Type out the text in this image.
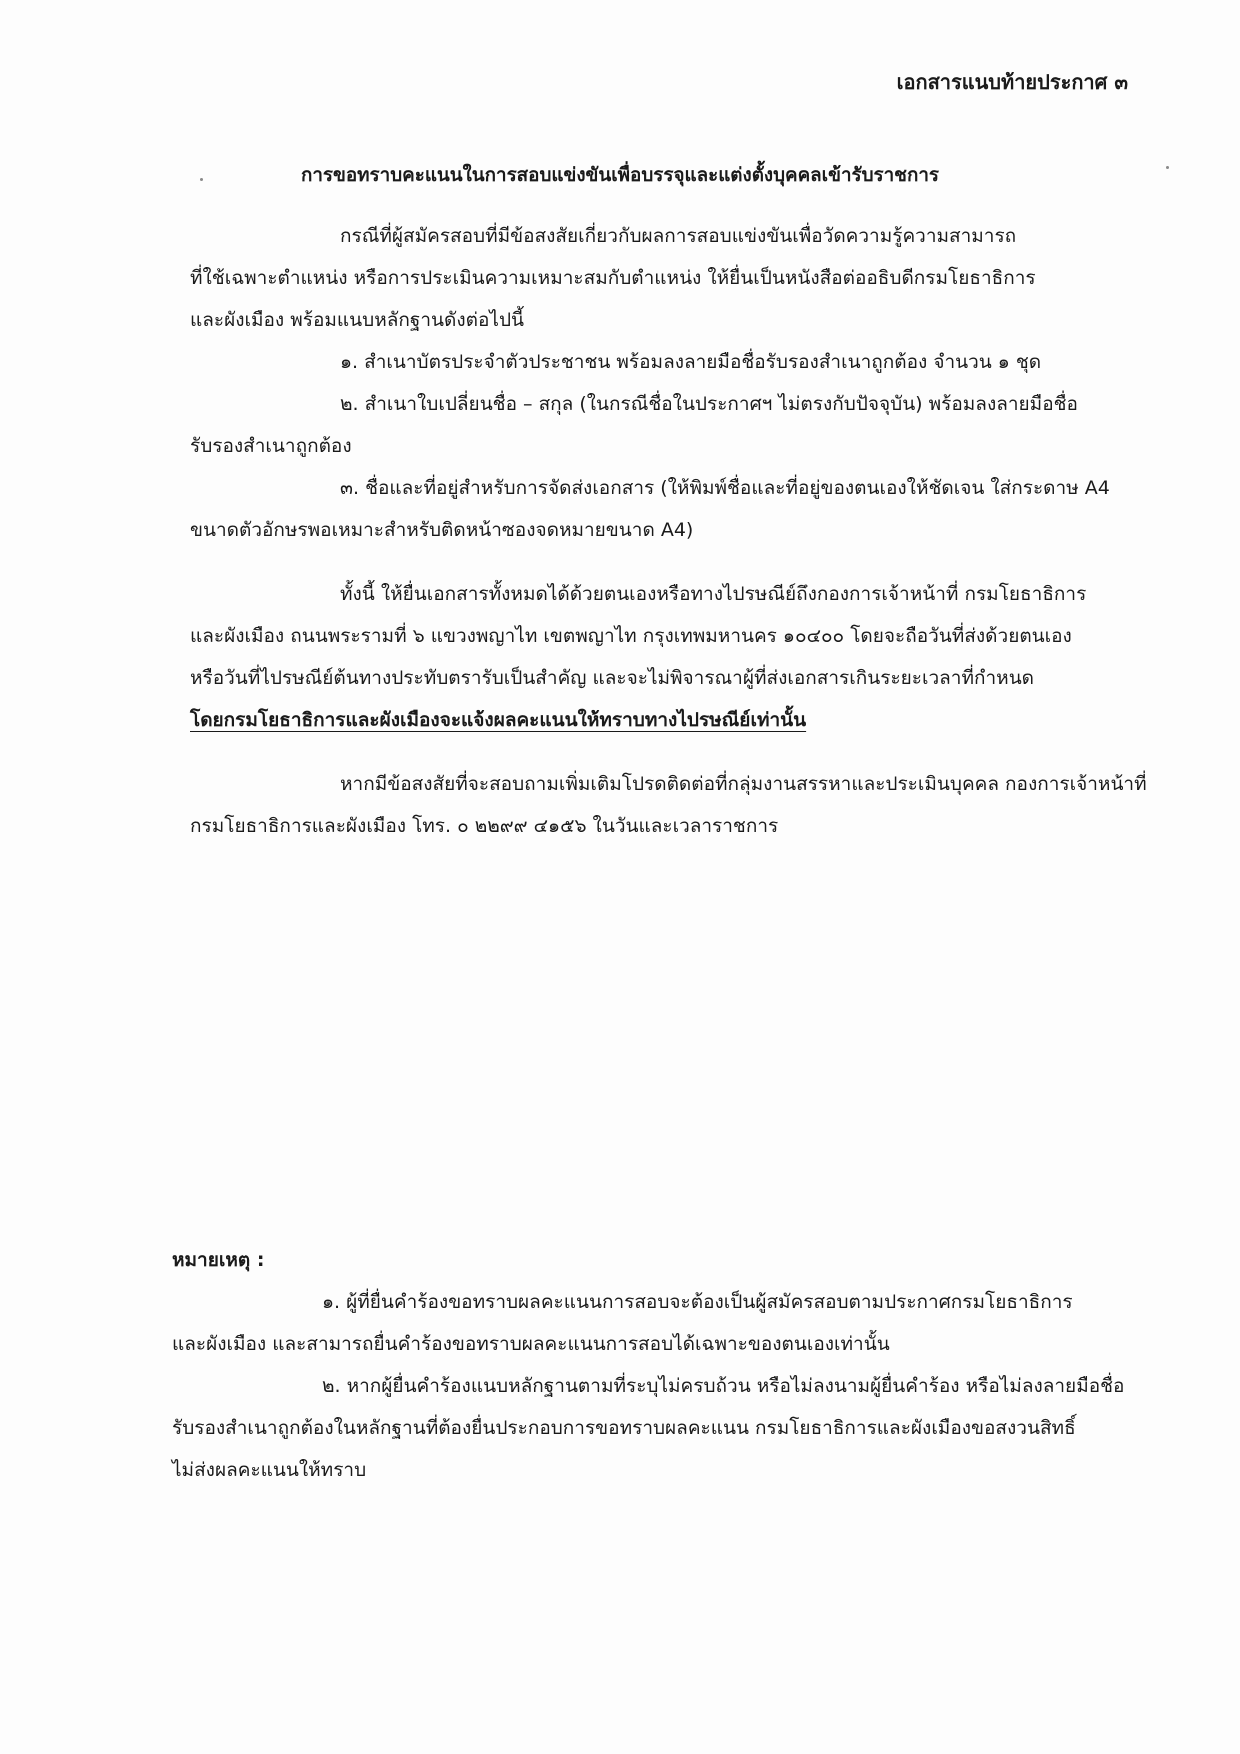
เอกสารแนบท้ายประกาศ ๓
การขอทราบคะแนนในการสอบแข่งขันเพื่อบรรจุและแต่งตั้งบุคคลเข้ารับราชการ
กรณีที่ผู้สมัครสอบที่มีข้อสงสัยเกี่ยวกับผลการสอบแข่งขันเพื่อวัดความรู้ความสามารถ
ที่ใช้เฉพาะตำแหน่ง หรือการประเมินความเหมาะสมกับตำแหน่ง ให้ยื่นเป็นหนังสือต่ออธิบดีกรมโยธาธิการ
และผังเมือง พร้อมแนบหลักฐานดังต่อไปนี้
๑. สำเนาบัตรประจำตัวประชาชน พร้อมลงลายมือชื่อรับรองสำเนาถูกต้อง จำนวน ๑ ชุด
๒. สำเนาใบเปลี่ยนชื่อ – สกุล (ในกรณีชื่อในประกาศฯ ไม่ตรงกับปัจจุบัน) พร้อมลงลายมือชื่อ
รับรองสำเนาถูกต้อง
๓. ชื่อและที่อยู่สำหรับการจัดส่งเอกสาร (ให้พิมพ์ชื่อและที่อยู่ของตนเองให้ชัดเจน ใส่กระดาษ A4
ขนาดตัวอักษรพอเหมาะสำหรับติดหน้าซองจดหมายขนาด A4)
ทั้งนี้ ให้ยื่นเอกสารทั้งหมดได้ด้วยตนเองหรือทางไปรษณีย์ถึงกองการเจ้าหน้าที่ กรมโยธาธิการ
และผังเมือง ถนนพระรามที่ ๖ แขวงพญาไท เขตพญาไท กรุงเทพมหานคร ๑๐๔๐๐ โดยจะถือวันที่ส่งด้วยตนเอง
หรือวันที่ไปรษณีย์ต้นทางประทับตรารับเป็นสำคัญ และจะไม่พิจารณาผู้ที่ส่งเอกสารเกินระยะเวลาที่กำหนด
โดยกรมโยธาธิการและผังเมืองจะแจ้งผลคะแนนให้ทราบทางไปรษณีย์เท่านั้น
หากมีข้อสงสัยที่จะสอบถามเพิ่มเติมโปรดติดต่อที่กลุ่มงานสรรหาและประเมินบุคคล กองการเจ้าหน้าที่
กรมโยธาธิการและผังเมือง โทร. ๐ ๒๒๙๙ ๔๑๕๖ ในวันและเวลาราชการ
หมายเหตุ :
๑. ผู้ที่ยื่นคำร้องขอทราบผลคะแนนการสอบจะต้องเป็นผู้สมัครสอบตามประกาศกรมโยธาธิการ
และผังเมือง และสามารถยื่นคำร้องขอทราบผลคะแนนการสอบได้เฉพาะของตนเองเท่านั้น
๒. หากผู้ยื่นคำร้องแนบหลักฐานตามที่ระบุไม่ครบถ้วน หรือไม่ลงนามผู้ยื่นคำร้อง หรือไม่ลงลายมือชื่อ
รับรองสำเนาถูกต้องในหลักฐานที่ต้องยื่นประกอบการขอทราบผลคะแนน กรมโยธาธิการและผังเมืองขอสงวนสิทธิ์
ไม่ส่งผลคะแนนให้ทราบ
